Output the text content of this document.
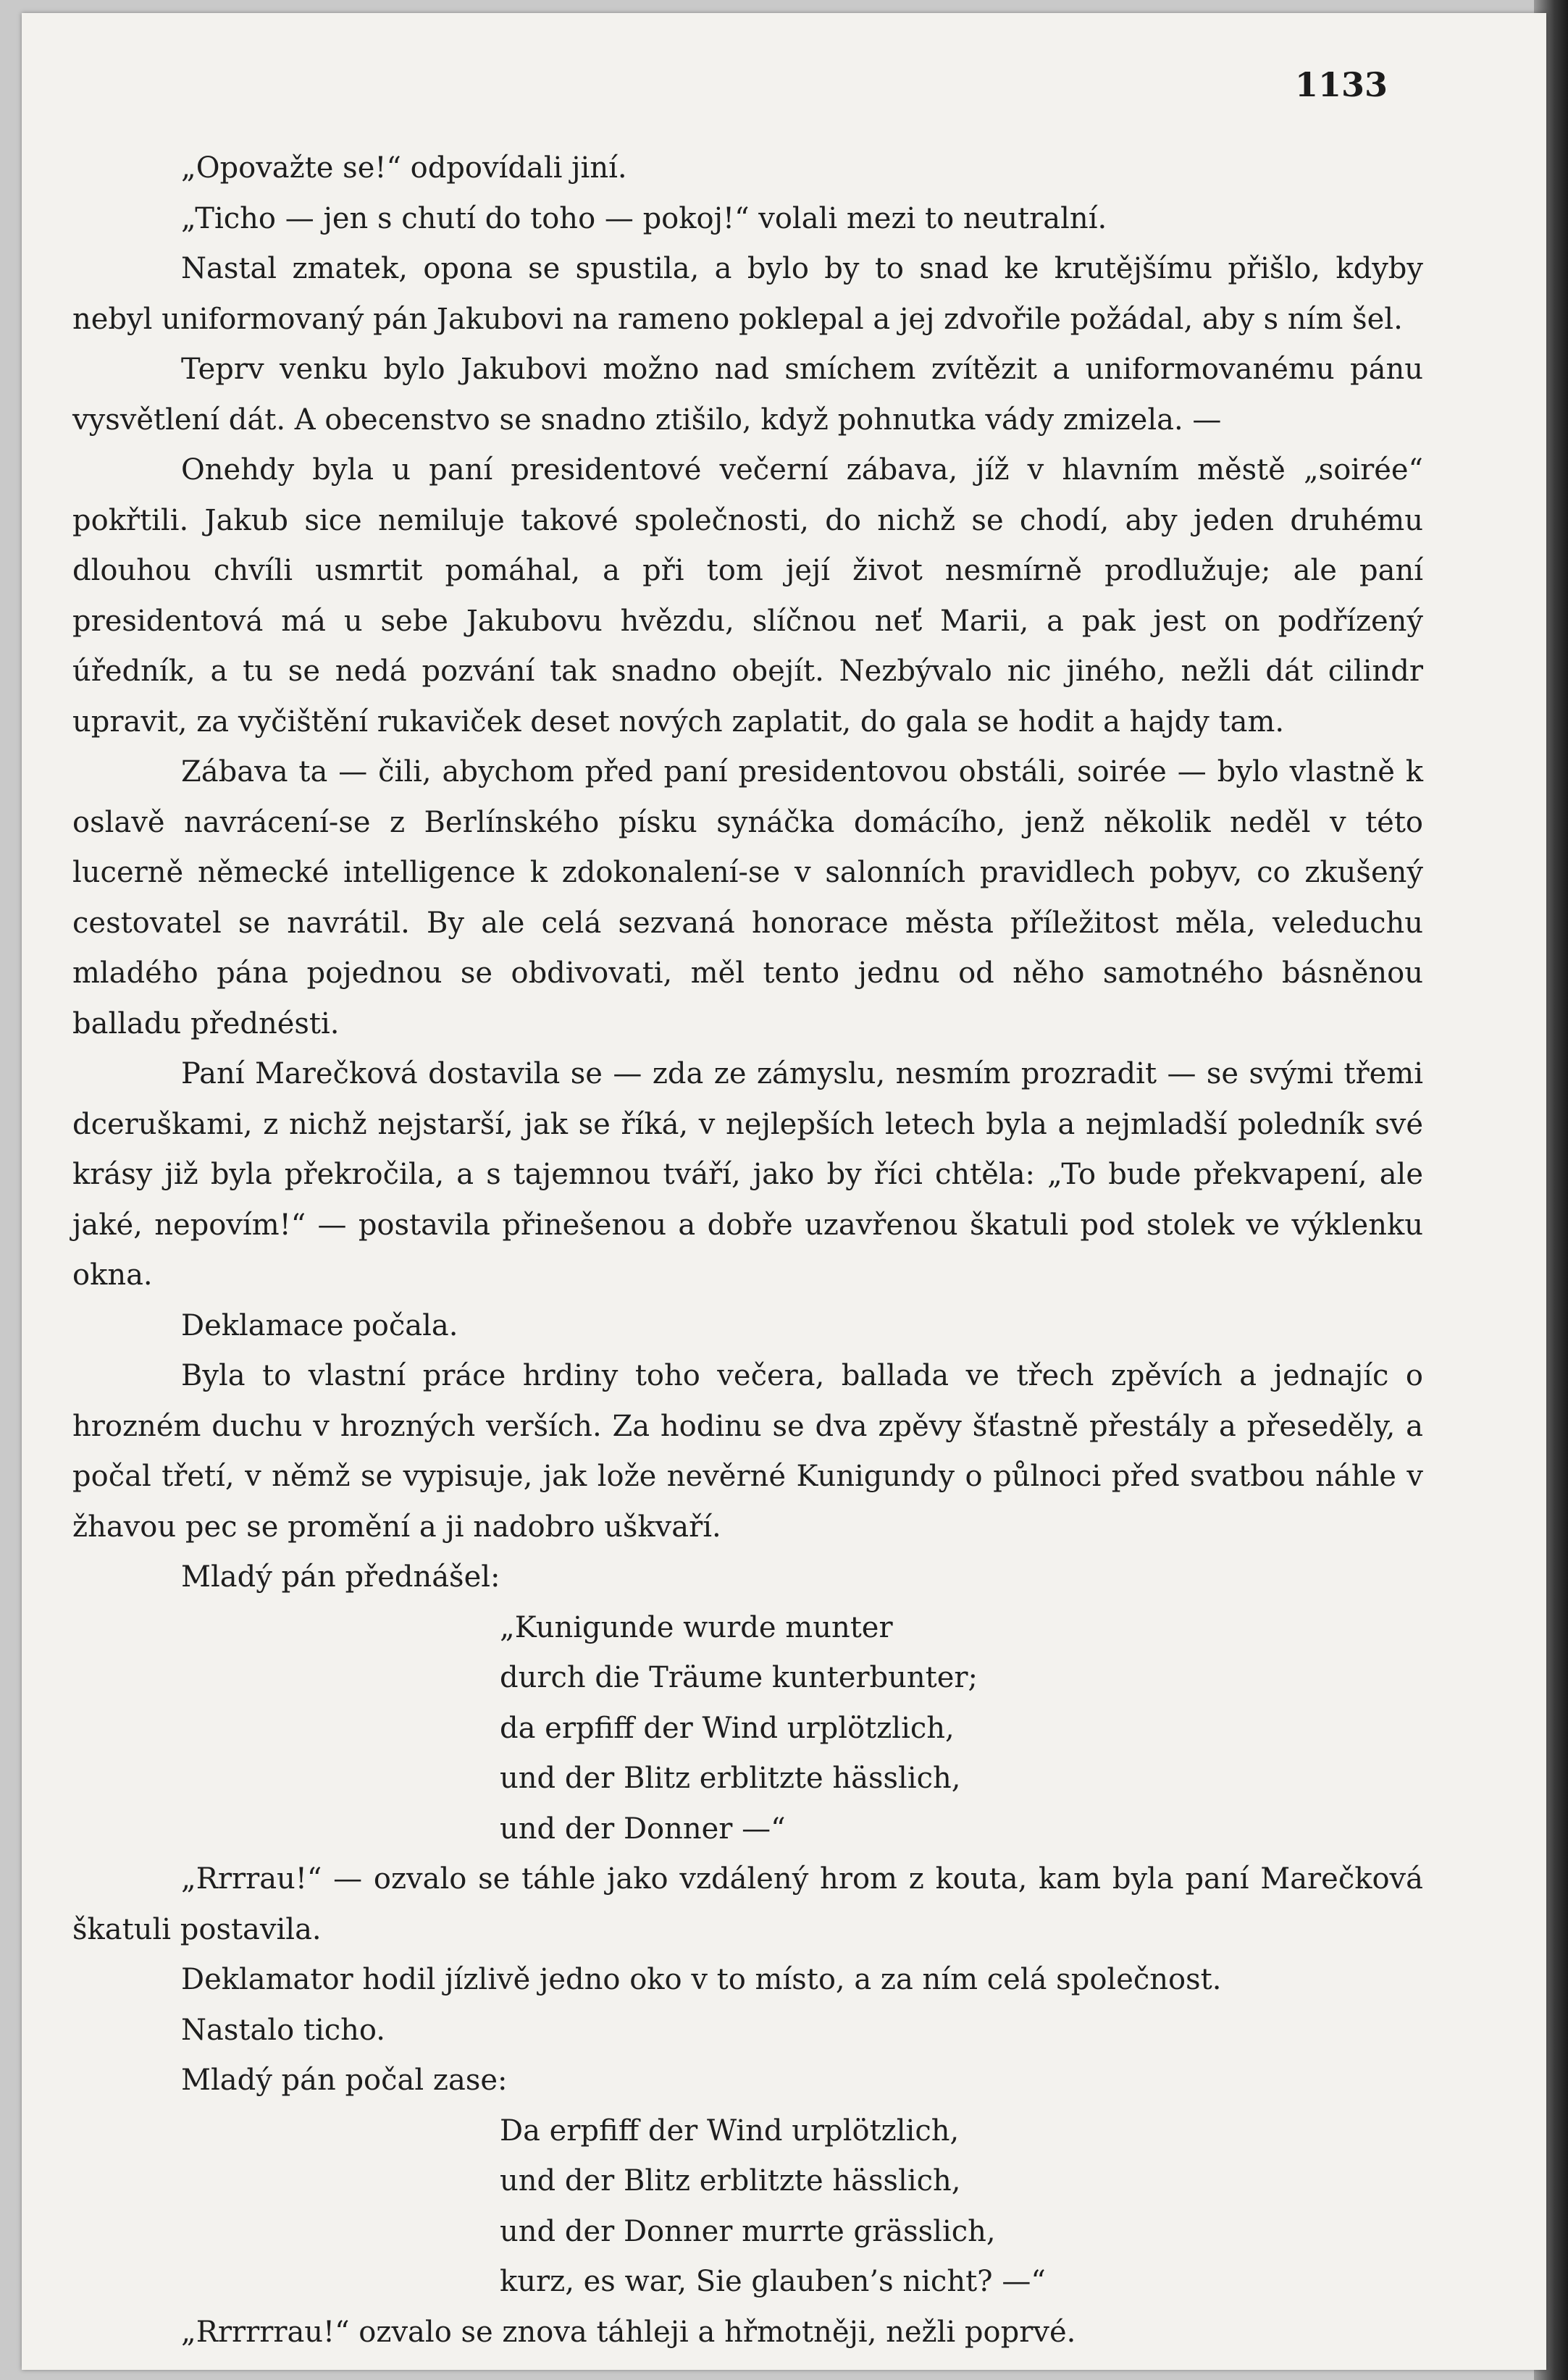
1133

„Opovažte se!“ odpovídali jiní.

„Ticho — jen s chutí do toho — pokoj!“ volali mezi to neutralní.

Nastal zmatek, opona se spustila, a bylo by to snad ke krutějšímu přišlo, kdyby nebyl uniformovaný pán Jakubovi na rameno poklepal a jej zdvořile požádal, aby s ním šel.

Teprv venku bylo Jakubovi možno nad smíchem zvítězit a uniformovanému pánu vysvětlení dát. A obecenstvo se snadno ztišilo, když pohnutka vády zmizela. —

Onehdy byla u paní presidentové večerní zábava, jíž v hlavním městě „soirée“ pokřtili. Jakub sice nemiluje takové společnosti, do nichž se chodí, aby jeden druhému dlouhou chvíli usmrtit pomáhal, a při tom její život nesmírně prodlužuje; ale paní presidentová má u sebe Jakubovu hvězdu, slíčnou neť Marii, a pak jest on podřízený úředník, a tu se nedá pozvání tak snadno obejít. Nezbývalo nic jiného, nežli dát cilindr upravit, za vyčištění rukaviček deset nových zaplatit, do gala se hodit a hajdy tam.

Zábava ta — čili, abychom před paní presidentovou obstáli, soirée — bylo vlastně k oslavě navrácení-se z Berlínského písku synáčka domácího, jenž několik neděl v této lucerně německé intelligence k zdokonalení-se v salonních pravidlech pobyv, co zkušený cestovatel se navrátil. By ale celá sezvaná honorace města příležitost měla, veleduchu mladého pána pojednou se obdivovati, měl tento jednu od něho samotného básněnou balladu přednésti.

Paní Marečková dostavila se — zda ze zámyslu, nesmím prozradit — se svými třemi dceruškami, z nichž nejstarší, jak se říká, v nejlepších letech byla a nejmladší poledník své krásy již byla překročila, a s tajemnou tváří, jako by říci chtěla: „To bude překvapení, ale jaké, nepovím!“ — postavila přinešenou a dobře uzavřenou škatuli pod stolek ve výklenku okna.

Deklamace počala.

Byla to vlastní práce hrdiny toho večera, ballada ve třech zpěvích a jednajíc o hrozném duchu v hrozných verších. Za hodinu se dva zpěvy šťastně přestály a přeseděly, a počal třetí, v němž se vypisuje, jak lože nevěrné Kunigundy o půlnoci před svatbou náhle v žhavou pec se promění a ji nadobro uškvaří.

Mladý pán přednášel:

„Kunigunde wurde munter
durch die Träume kunterbunter;
da erpfiff der Wind urplötzlich,
und der Blitz erblitzte hässlich,
und der Donner —“

„Rrrrau!“ — ozvalo se táhle jako vzdálený hrom z kouta, kam byla paní Marečková škatuli postavila.

Deklamator hodil jízlivě jedno oko v to místo, a za ním celá společnost.

Nastalo ticho.

Mladý pán počal zase:

Da erpfiff der Wind urplötzlich,
und der Blitz erblitzte hässlich,
und der Donner murrte grässlich,
kurz, es war, Sie glauben’s nicht? —“

„Rrrrrrau!“ ozvalo se znova táhleji a hřmotněji, nežli poprvé.
